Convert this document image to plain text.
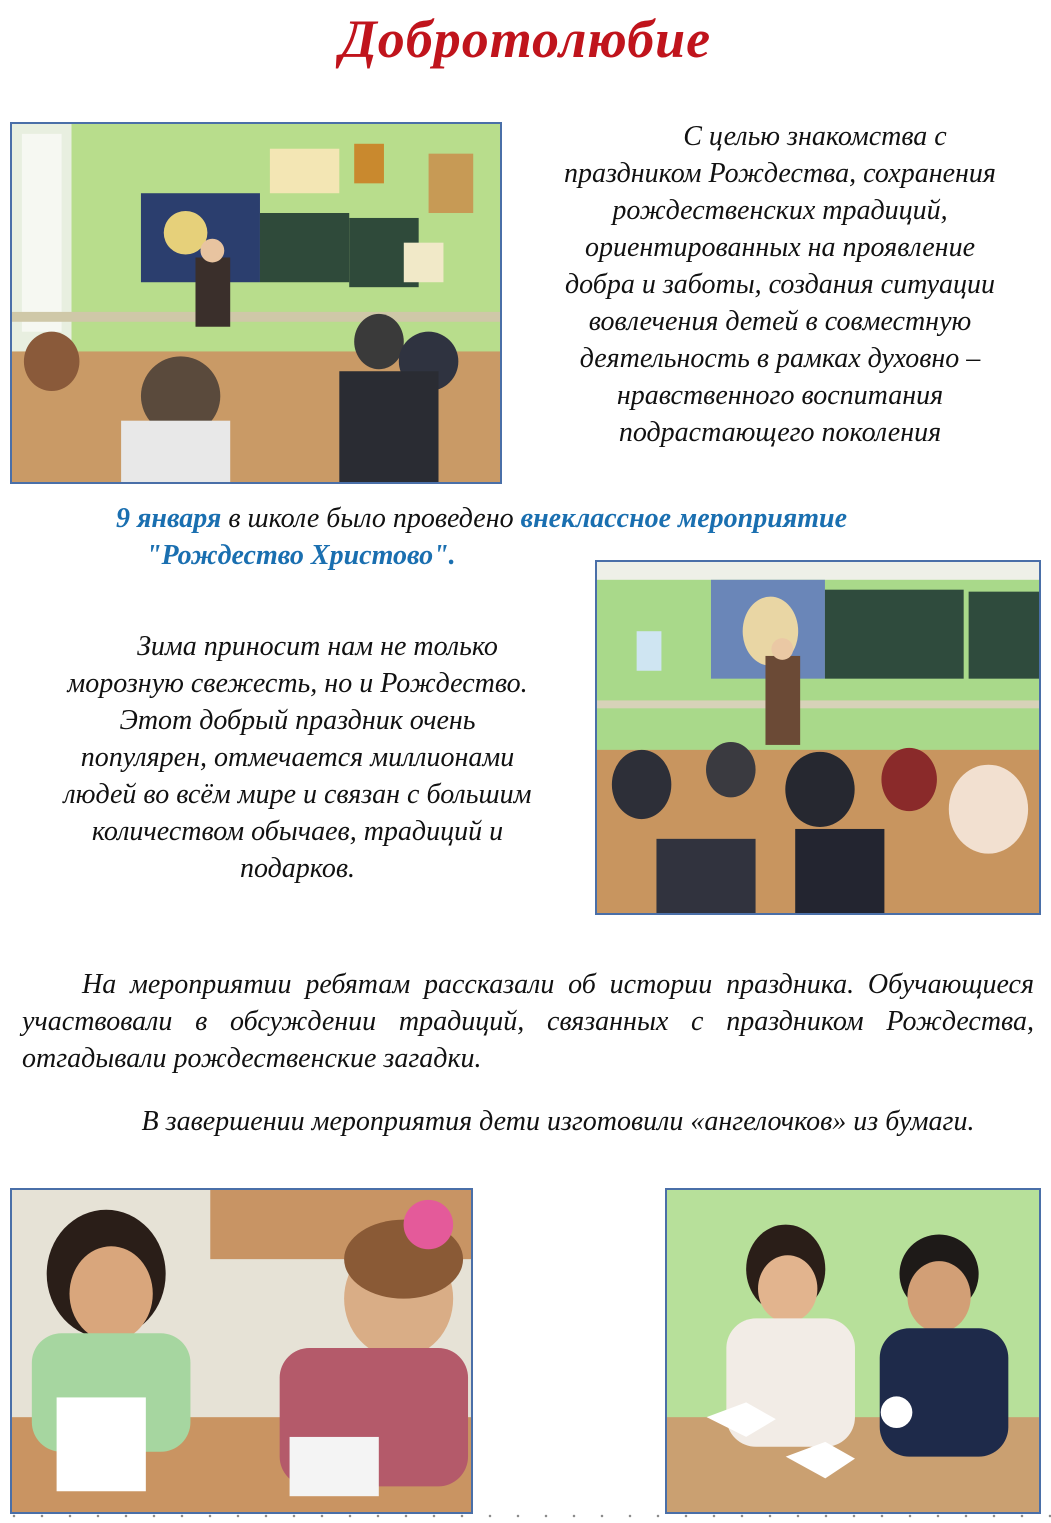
Добротолюбие
С целью знакомства с
праздником Рождества, сохранения
рождественских традиций,
ориентированных на проявление
добра и заботы, создания ситуации
вовлечения детей в совместную
деятельность в рамках духовно –
нравственного воспитания
подрастающего поколения
9 января в школе было проведено внеклассное мероприятие
"Рождество Христово".
Зима приносит нам не только
морозную свежесть, но и Рождество.
Этот добрый праздник очень
популярен, отмечается миллионами
людей во всём мире и связан с большим
количеством обычаев, традиций и
подарков.
На мероприятии ребятам рассказали об истории праздника. Обучающиеся участвовали в обсуждении традиций, связанных с праздником Рождества, отгадывали рождественские загадки.
В завершении мероприятия дети изготовили «ангелочков» из бумаги.
